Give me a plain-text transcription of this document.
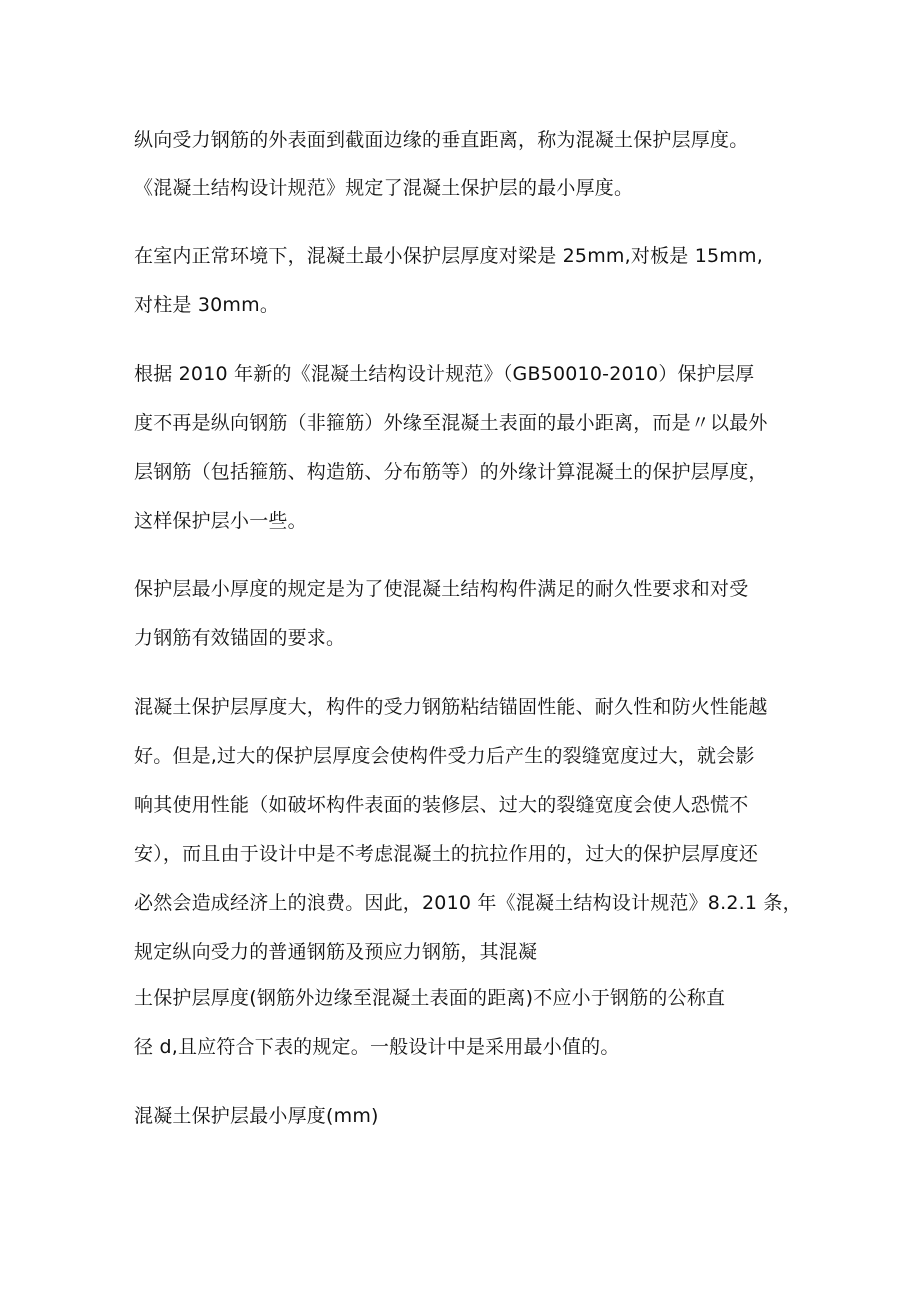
纵向受力钢筋的外表面到截面边缘的垂直距离，称为混凝土保护层厚度。
《混凝土结构设计规范》规定了混凝土保护层的最小厚度。
在室内正常环境下，混凝土最小保护层厚度对梁是 25mm,对板是 15mm,
对柱是 30mm。
根据 2010 年新的《混凝土结构设计规范》（GB50010-2010）保护层厚
度不再是纵向钢筋（非箍筋）外缘至混凝土表面的最小距离，而是〃以最外
层钢筋（包括箍筋、构造筋、分布筋等）的外缘计算混凝土的保护层厚度，
这样保护层小一些。
保护层最小厚度的规定是为了使混凝土结构构件满足的耐久性要求和对受
力钢筋有效锚固的要求。
混凝土保护层厚度大，构件的受力钢筋粘结锚固性能、耐久性和防火性能越
好。但是,过大的保护层厚度会使构件受力后产生的裂缝宽度过大，就会影
响其使用性能（如破坏构件表面的装修层、过大的裂缝宽度会使人恐慌不
安），而且由于设计中是不考虑混凝土的抗拉作用的，过大的保护层厚度还
必然会造成经济上的浪费。因此，2010 年《混凝土结构设计规范》8.2.1 条，
规定纵向受力的普通钢筋及预应力钢筋，其混凝
土保护层厚度(钢筋外边缘至混凝土表面的距离)不应小于钢筋的公称直
径 d,且应符合下表的规定。一般设计中是采用最小值的。
混凝土保护层最小厚度(mm)
